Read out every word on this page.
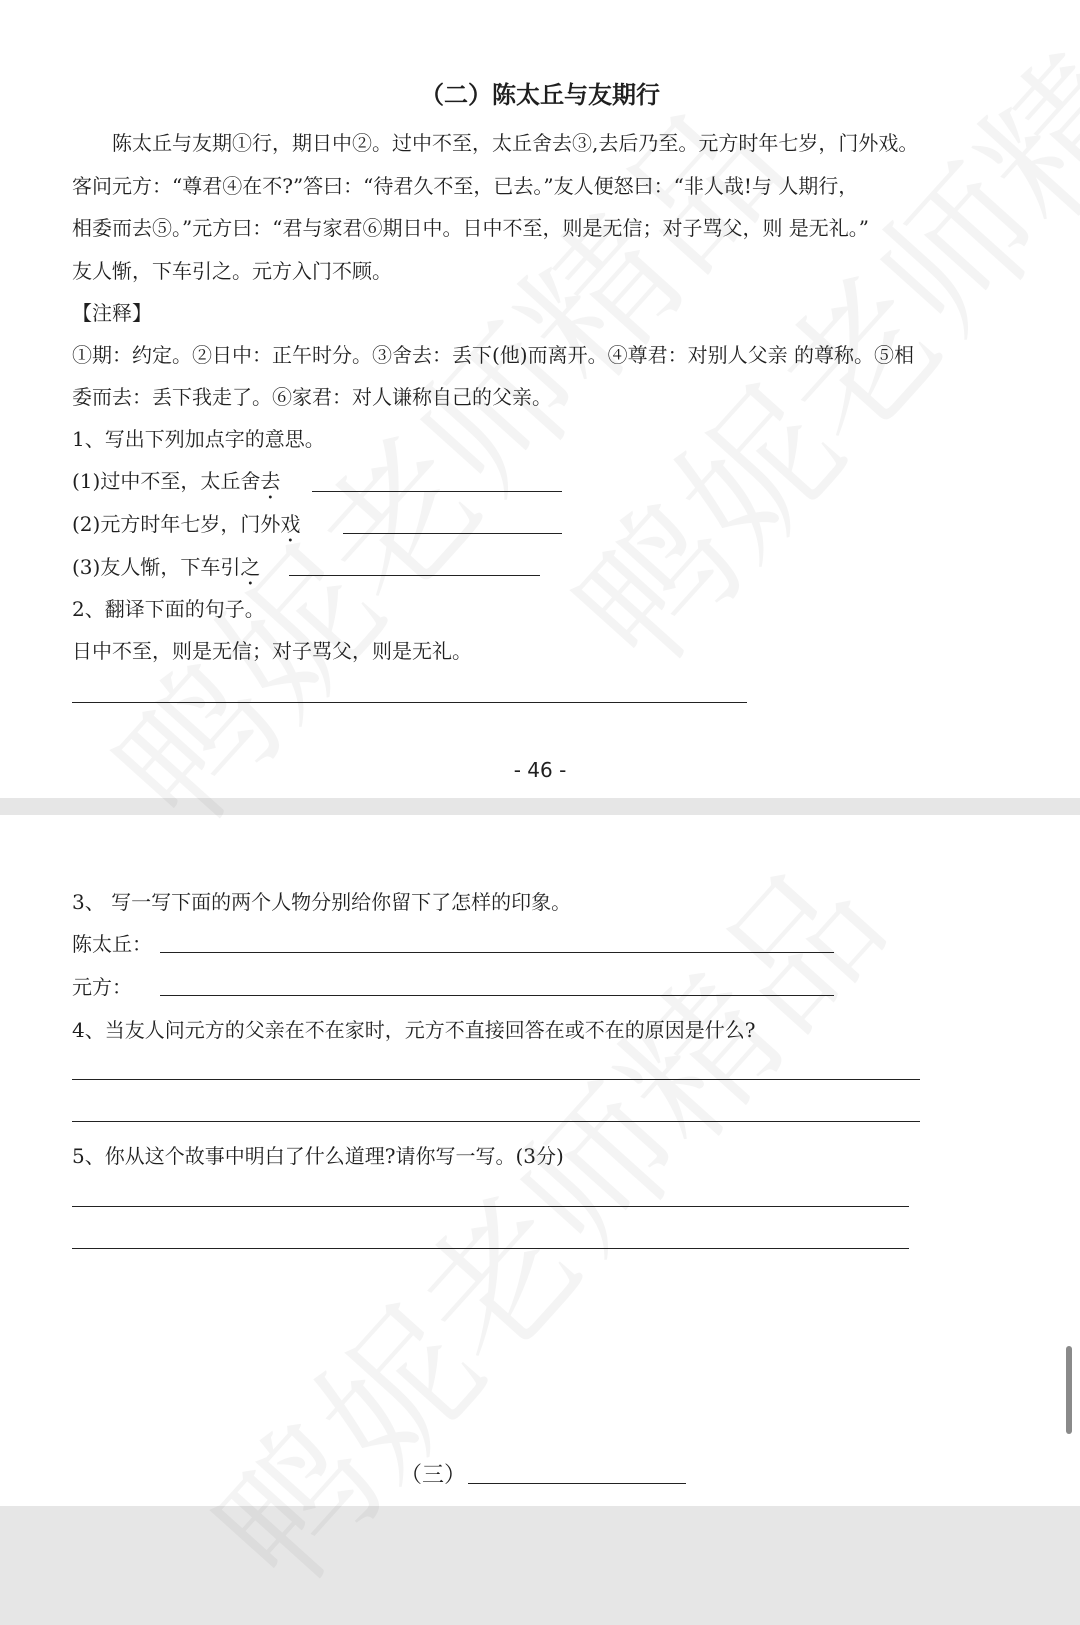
（二）陈太丘与友期行
　　陈太丘与友期①行，期日中②。过中不至，太丘舍去③,去后乃至。元方时年七岁，门外戏。
客问元方：“尊君④在不?”答曰：“待君久不至，已去。”友人便怒曰：“非人哉!与 人期行，
相委而去⑤。”元方曰：“君与家君⑥期日中。日中不至，则是无信；对子骂父，则 是无礼。”
友人惭，下车引之。元方入门不顾。
【注释】
①期：约定。②日中：正午时分。③舍去：丢下(他)而离开。④尊君：对别人父亲 的尊称。⑤相
委而去：丢下我走了。⑥家君：对人谦称自己的父亲。
1、写出下列加点字的意思。
(1)过中不至，太丘舍去
(2)元方时年七岁，门外戏
(3)友人惭，下车引之
2、翻译下面的句子。
日中不至，则是无信；对子骂父，则是无礼。
- 46 -
3、 写一写下面的两个人物分别给你留下了怎样的印象。
陈太丘：
元方：
4、当友人问元方的父亲在不在家时，元方不直接回答在或不在的原因是什么?
5、你从这个故事中明白了什么道理?请你写一写。(3分)
（三）
